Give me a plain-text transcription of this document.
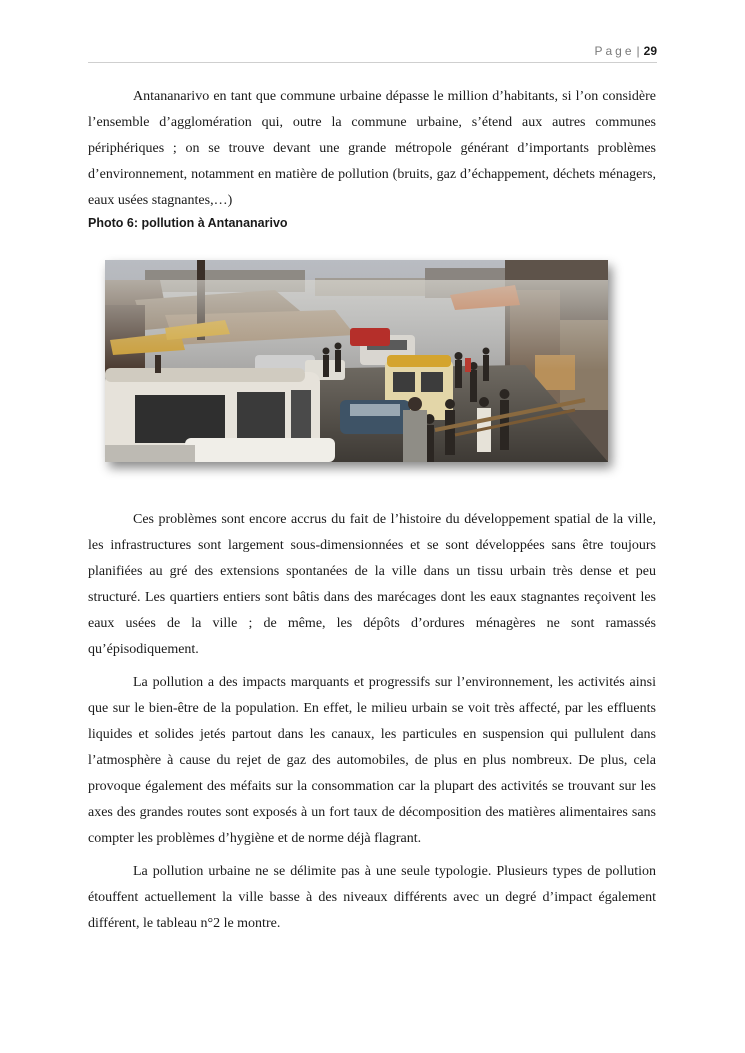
Page | 29

Antananarivo en tant que commune urbaine dépasse le million d’habitants, si l’on considère l’ensemble d’agglomération qui, outre la commune urbaine, s’étend aux autres communes périphériques ; on se trouve devant une grande métropole générant d’importants problèmes d’environnement, notamment en matière de pollution (bruits, gaz d’échappement, déchets ménagers, eaux usées stagnantes,…)

Photo 6: pollution à Antananarivo

Ces problèmes sont encore accrus du fait de l’histoire du développement spatial de la ville, les infrastructures sont largement sous-dimensionnées et se sont développées sans être toujours planifiées au gré des extensions spontanées de la ville dans un tissu urbain très dense et peu structuré. Les quartiers entiers sont bâtis dans des marécages dont les eaux stagnantes reçoivent les eaux usées de la ville ; de même, les dépôts d’ordures ménagères ne sont ramassés qu’épisodiquement.

La pollution a des impacts marquants et progressifs sur l’environnement, les activités ainsi que sur le bien-être de la population. En effet, le milieu urbain se voit très affecté, par les effluents liquides et solides jetés partout dans les canaux, les particules en suspension qui pullulent dans l’atmosphère à cause du rejet de gaz des automobiles, de plus en plus nombreux. De plus, cela provoque également des méfaits sur la consommation car la plupart des activités se trouvant sur les axes des grandes routes sont exposés à un fort taux de décomposition des matières alimentaires sans compter les problèmes d’hygiène et de norme déjà flagrant.

La pollution urbaine ne se délimite pas à une seule typologie. Plusieurs types de pollution étouffent actuellement la ville basse à des niveaux différents avec un degré d’impact également différent, le tableau n°2 le montre.
